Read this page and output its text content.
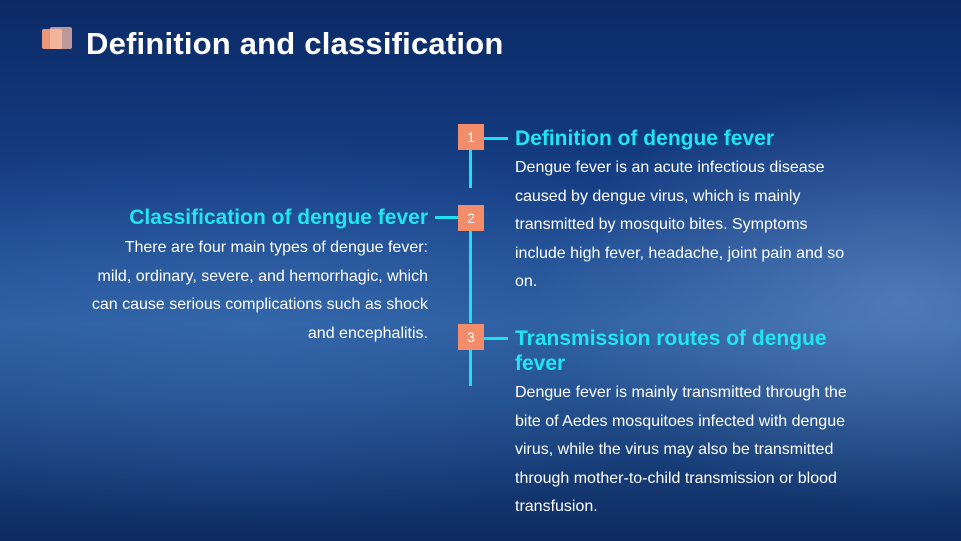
Definition and classification
1	Definition of dengue fever

Dengue fever is an acute infectious disease caused by dengue virus, which is mainly transmitted by mosquito bites. Symptoms include high fever, headache, joint pain and so on.

2
Classification of dengue fever

There are four main types of dengue fever: mild, ordinary, severe, and hemorrhagic, which can cause serious complications such as shock and encephalitis.	3	Transmission routes of dengue fever

Dengue fever is mainly transmitted through the bite of Aedes mosquitoes infected with dengue virus, while the virus may also be transmitted through mother-to-child transmission or blood transfusion.
